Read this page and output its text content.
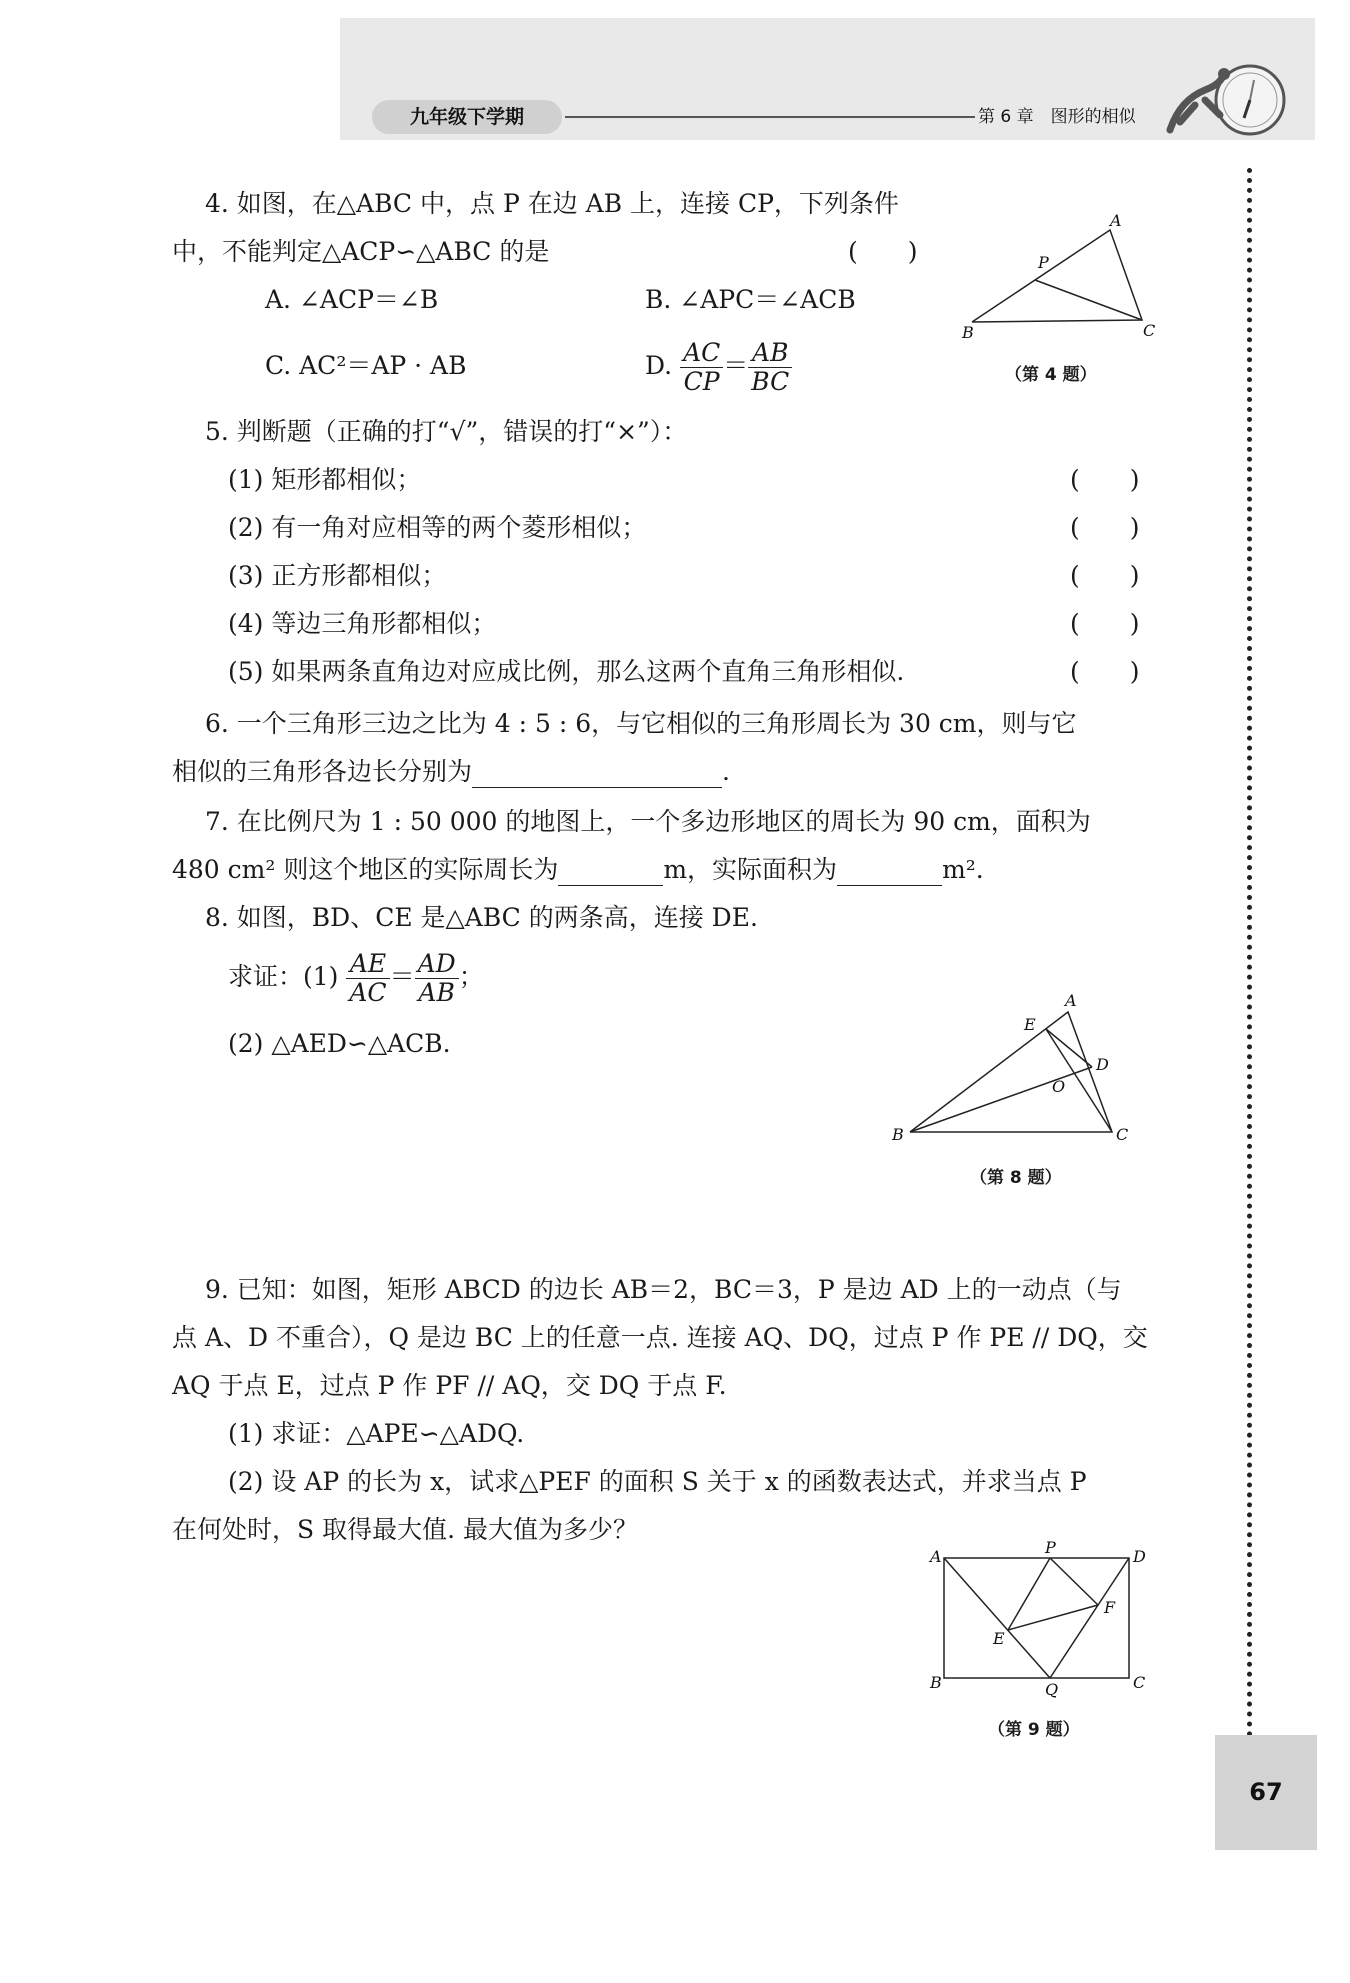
九年级下学期	第 6 章　图形的相似
4. 如图，在△ABC 中，点 P 在边 AB 上，连接 CP，下列条件
中，不能判定△ACP∽△ABC 的是	(　　)
A. ∠ACP＝∠B	B. ∠APC＝∠ACB
C. AC²＝AP · AB	D. $\frac{AC}{CP} = \frac{AB}{BC}$
A
B	C
P
（第 4 题）
5. 判断题（正确的打“√”，错误的打“×”）：
(1) 矩形都相似；	(　　)
(2) 有一角对应相等的两个菱形相似；	(　　)
(3) 正方形都相似；	(　　)
(4) 等边三角形都相似；	(　　)
(5) 如果两条直角边对应成比例，那么这两个直角三角形相似.	(　　)
6. 一个三角形三边之比为 4 : 5 : 6，与它相似的三角形周长为 30 cm，则与它
相似的三角形各边长分别为	.
7. 在比例尺为 1 : 50 000 的地图上，一个多边形地区的周长为 90 cm，面积为
480 cm² 则这个地区的实际周长为	m，实际面积为	m².
8. 如图，BD、CE 是△ABC 的两条高，连接 DE.
求证：$(1) \frac{AE}{AC} = \frac{AD}{AB}$ ；
(2) △AED∽△ACB.
A
B	C
D
E
O
（第 8 题）
9. 已知：如图，矩形 ABCD 的边长 AB＝2，BC＝3，P 是边 AD 上的一动点（与
点 A、D 不重合），Q 是边 BC 上的任意一点. 连接 AQ、DQ，过点 P 作 PE // DQ，交
AQ 于点 E，过点 P 作 PF // AQ，交 DQ 于点 F.
(1) 求证：△APE∽△ADQ.
(2) 设 AP 的长为 x，试求△PEF 的面积 S 关于 x 的函数表达式，并求当点 P
在何处时，S 取得最大值. 最大值为多少？
A	D
B	C
P
Q
E
F
（第 9 题）
67
